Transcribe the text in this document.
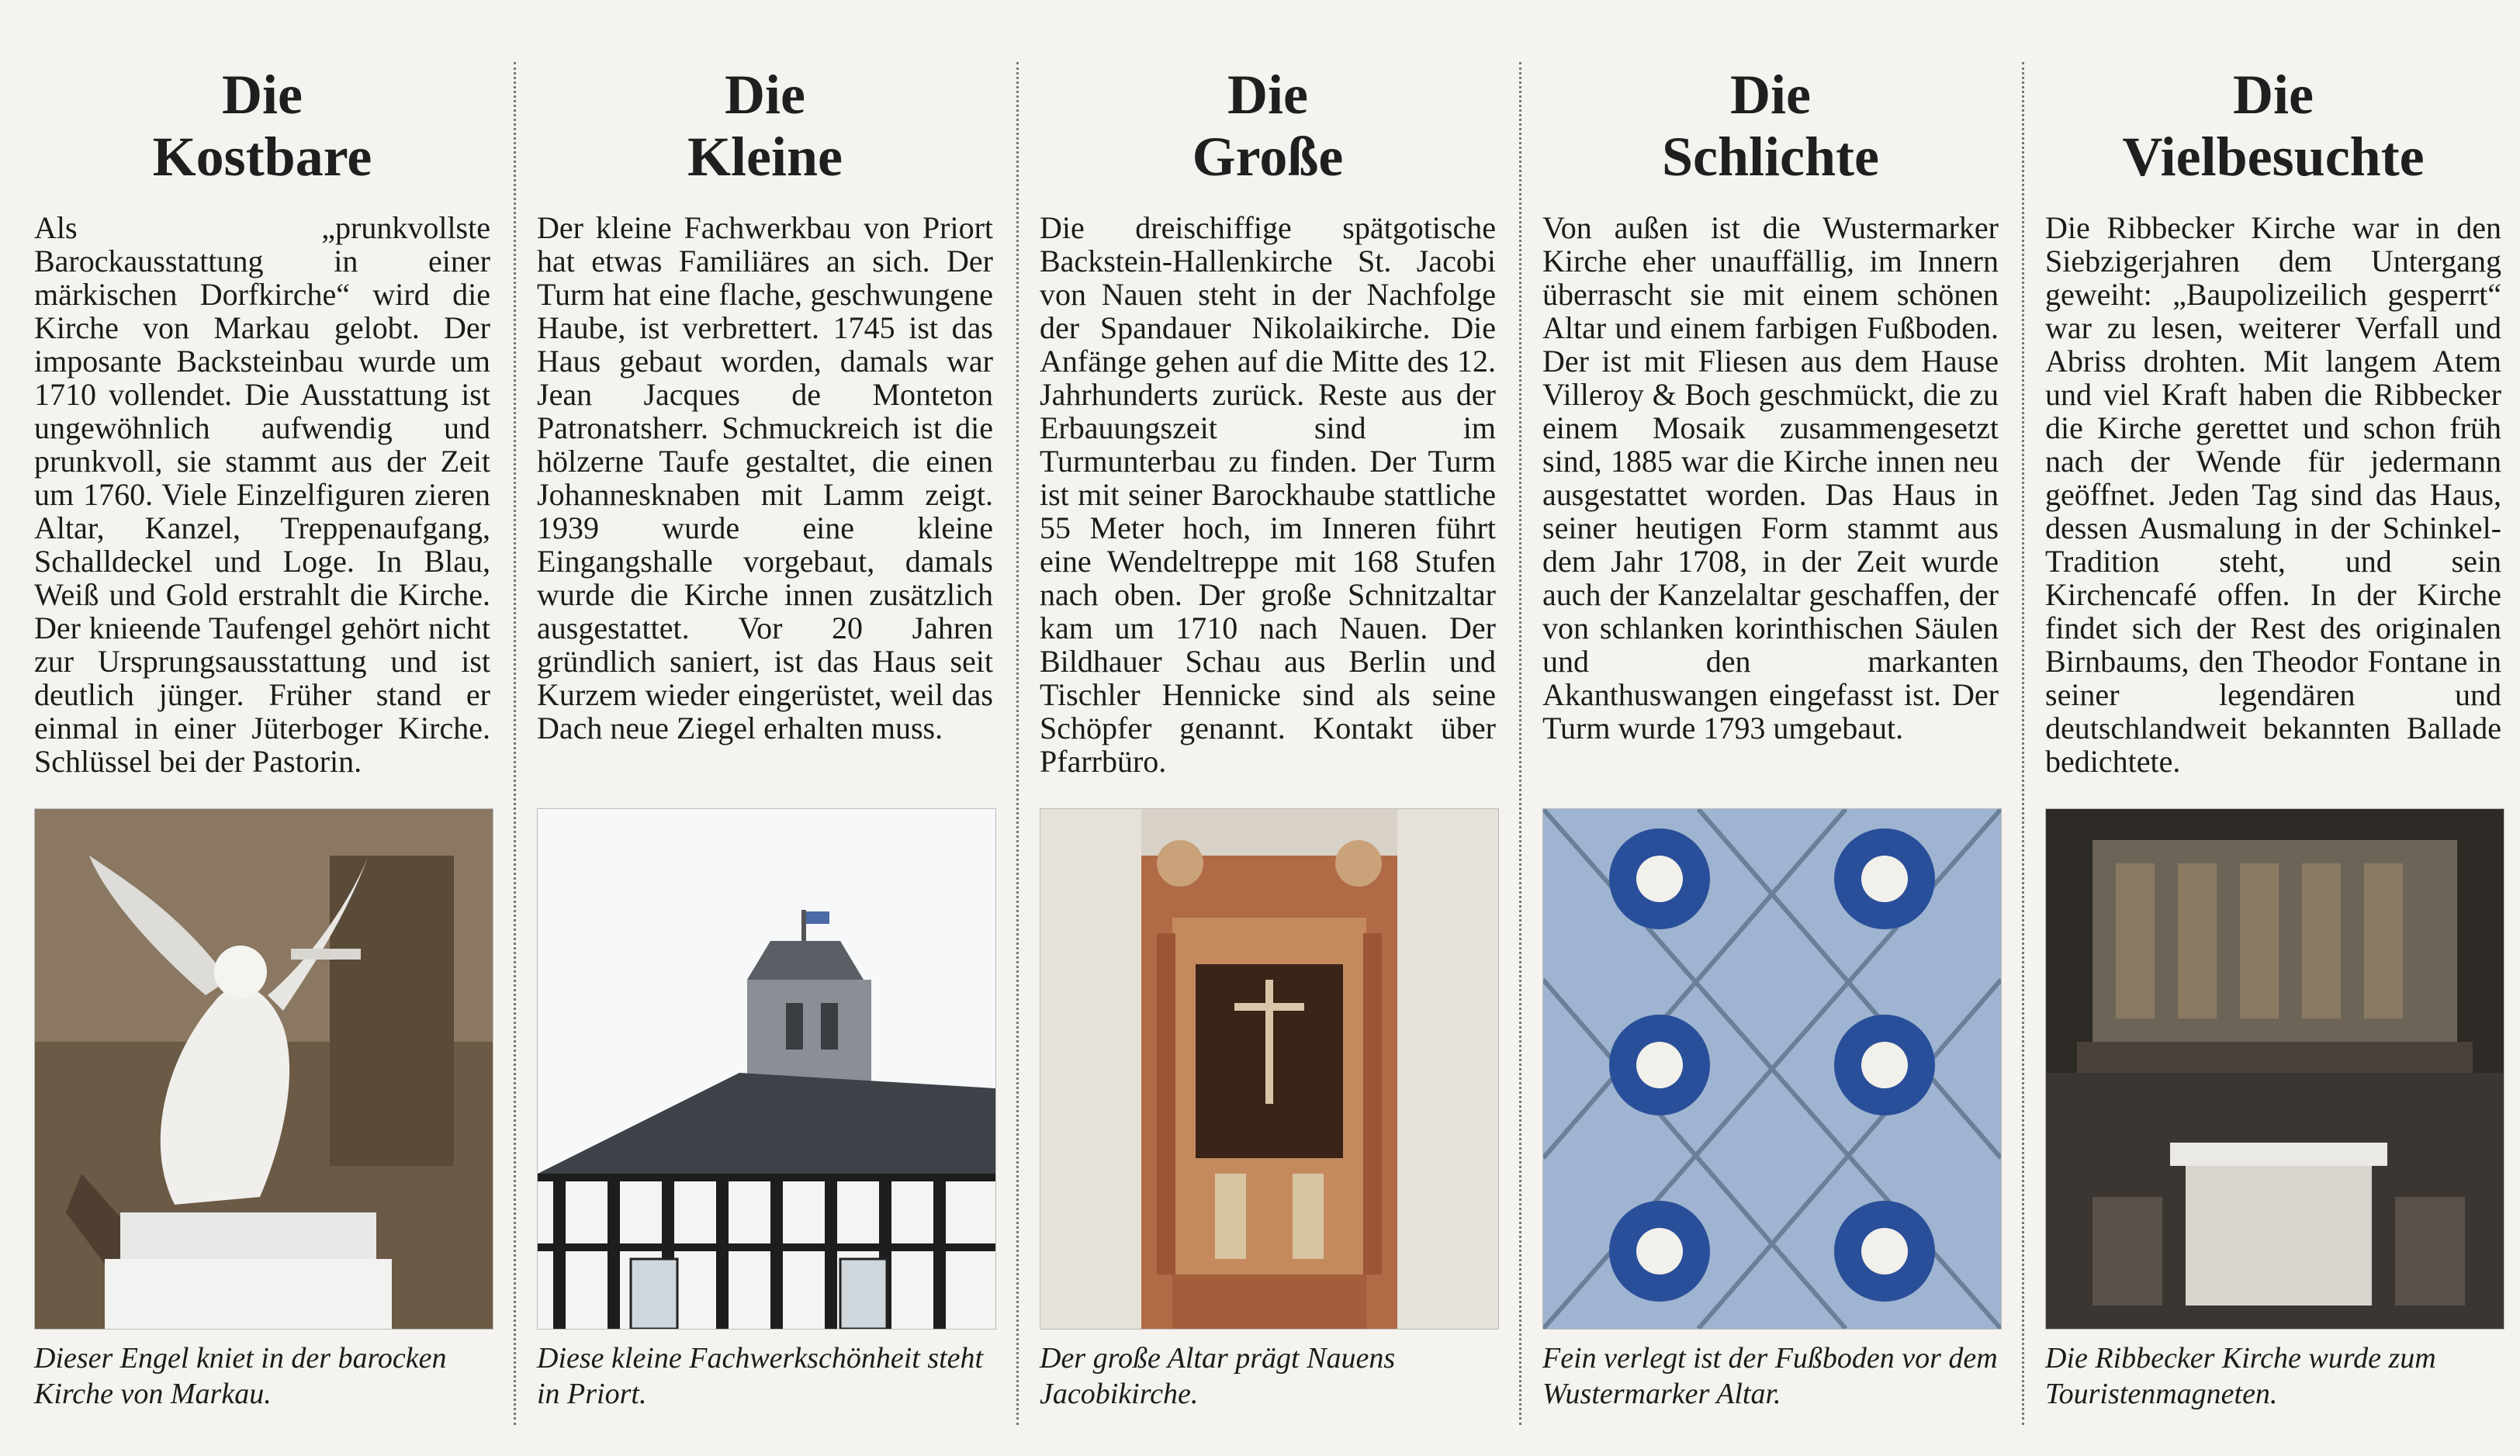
Die
Kostbare
Als „prunkvollste Barockausstattung in einer märkischen Dorfkirche“ wird die Kirche von Markau gelobt. Der imposante Backsteinbau wurde um 1710 vollendet. Die Ausstattung ist ungewöhnlich aufwendig und prunkvoll, sie stammt aus der Zeit um 1760. Viele Einzelfiguren zieren Altar, Kanzel, Treppenaufgang, Schalldeckel und Loge. In Blau, Weiß und Gold erstrahlt die Kirche. Der knieende Taufengel gehört nicht zur Ursprungsausstattung und ist deutlich jünger. Früher stand er einmal in einer Jüterboger Kirche. Schlüssel bei der Pastorin.
Dieser Engel kniet in der barocken Kirche von Markau.
Die
Kleine
Der kleine Fachwerkbau von Priort hat etwas Familiäres an sich. Der Turm hat eine flache, geschwungene Haube, ist verbrettert. 1745 ist das Haus gebaut worden, damals war Jean Jacques de Monteton Patronatsherr. Schmuckreich ist die hölzerne Taufe gestaltet, die einen Johannesknaben mit Lamm zeigt. 1939 wurde eine kleine Eingangshalle vorgebaut, damals wurde die Kirche innen zusätzlich ausgestattet. Vor 20 Jahren gründlich saniert, ist das Haus seit Kurzem wieder eingerüstet, weil das Dach neue Ziegel erhalten muss.
Diese kleine Fachwerkschönheit steht in Priort.
Die
Große
Die dreischiffige spätgotische Backstein-Hallenkirche St. Jacobi von Nauen steht in der Nachfolge der Spandauer Nikolaikirche. Die Anfänge gehen auf die Mitte des 12. Jahrhunderts zurück. Reste aus der Erbauungszeit sind im Turmunterbau zu finden. Der Turm ist mit seiner Barockhaube stattliche 55 Meter hoch, im Inneren führt eine Wendeltreppe mit 168 Stufen nach oben. Der große Schnitzaltar kam um 1710 nach Nauen. Der Bildhauer Schau aus Berlin und Tischler Hennicke sind als seine Schöpfer genannt. Kontakt über Pfarrbüro.
Der große Altar prägt Nauens Jacobikirche.
Die
Schlichte
Von außen ist die Wustermarker Kirche eher unauffällig, im Innern überrascht sie mit einem schönen Altar und einem farbigen Fußboden. Der ist mit Fliesen aus dem Hause Villeroy & Boch geschmückt, die zu einem Mosaik zusammengesetzt sind, 1885 war die Kirche innen neu ausgestattet worden. Das Haus in seiner heutigen Form stammt aus dem Jahr 1708, in der Zeit wurde auch der Kanzelaltar geschaffen, der von schlanken korinthischen Säulen und den markanten Akanthuswangen eingefasst ist. Der Turm wurde 1793 umgebaut.
Fein verlegt ist der Fußboden vor dem Wustermarker Altar.
Die
Vielbesuchte
Die Ribbecker Kirche war in den Siebzigerjahren dem Untergang geweiht: „Baupolizeilich gesperrt“ war zu lesen, weiterer Verfall und Abriss drohten. Mit langem Atem und viel Kraft haben die Ribbecker die Kirche gerettet und schon früh nach der Wende für jedermann geöffnet. Jeden Tag sind das Haus, dessen Ausmalung in der Schinkel-Tradition steht, und sein Kirchencafé offen. In der Kirche findet sich der Rest des originalen Birnbaums, den Theodor Fontane in seiner legendären und deutschlandweit bekannten Ballade bedichtete.
Die Ribbecker Kirche wurde zum Touristenmagneten.
